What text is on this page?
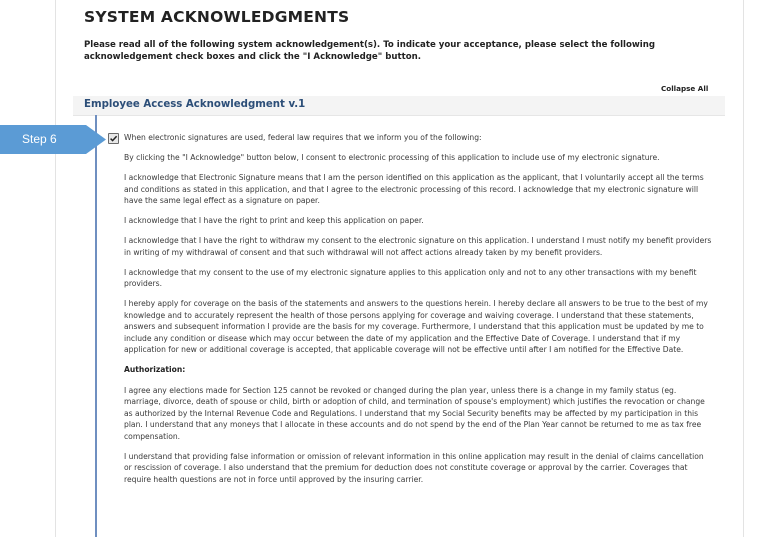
SYSTEM ACKNOWLEDGMENTS
Please read all of the following system acknowledgement(s). To indicate your acceptance, please select the following acknowledgement check boxes and click the "I Acknowledge" button.
Collapse All
Employee Access Acknowledgment v.1
Step 6	When electronic signatures are used, federal law requires that we inform you of the following:

By clicking the "I Acknowledge" button below, I consent to electronic processing of this application to include use of my electronic signature.

I acknowledge that Electronic Signature means that I am the person identified on this application as the applicant, that I voluntarily accept all the terms and conditions as stated in this application, and that I agree to the electronic processing of this record. I acknowledge that my electronic signature will have the same legal effect as a signature on paper.

I acknowledge that I have the right to print and keep this application on paper.

I acknowledge that I have the right to withdraw my consent to the electronic signature on this application. I understand I must notify my benefit providers in writing of my withdrawal of consent and that such withdrawal will not affect actions already taken by my benefit providers.

I acknowledge that my consent to the use of my electronic signature applies to this application only and not to any other transactions with my benefit providers.

I hereby apply for coverage on the basis of the statements and answers to the questions herein. I hereby declare all answers to be true to the best of my knowledge and to accurately represent the health of those persons applying for coverage and waiving coverage. I understand that these statements, answers and subsequent information I provide are the basis for my coverage. Furthermore, I understand that this application must be updated by me to include any condition or disease which may occur between the date of my application and the Effective Date of Coverage. I understand that if my application for new or additional coverage is accepted, that applicable coverage will not be effective until after I am notified for the Effective Date.

Authorization:

I agree any elections made for Section 125 cannot be revoked or changed during the plan year, unless there is a change in my family status (eg. marriage, divorce, death of spouse or child, birth or adoption of child, and termination of spouse's employment) which justifies the revocation or change as authorized by the Internal Revenue Code and Regulations. I understand that my Social Security benefits may be affected by my participation in this plan. I understand that any moneys that I allocate in these accounts and do not spend by the end of the Plan Year cannot be returned to me as tax free compensation.

I understand that providing false information or omission of relevant information in this online application may result in the denial of claims cancellation or rescission of coverage. I also understand that the premium for deduction does not constitute coverage or approval by the carrier. Coverages that require health questions are not in force until approved by the insuring carrier.
